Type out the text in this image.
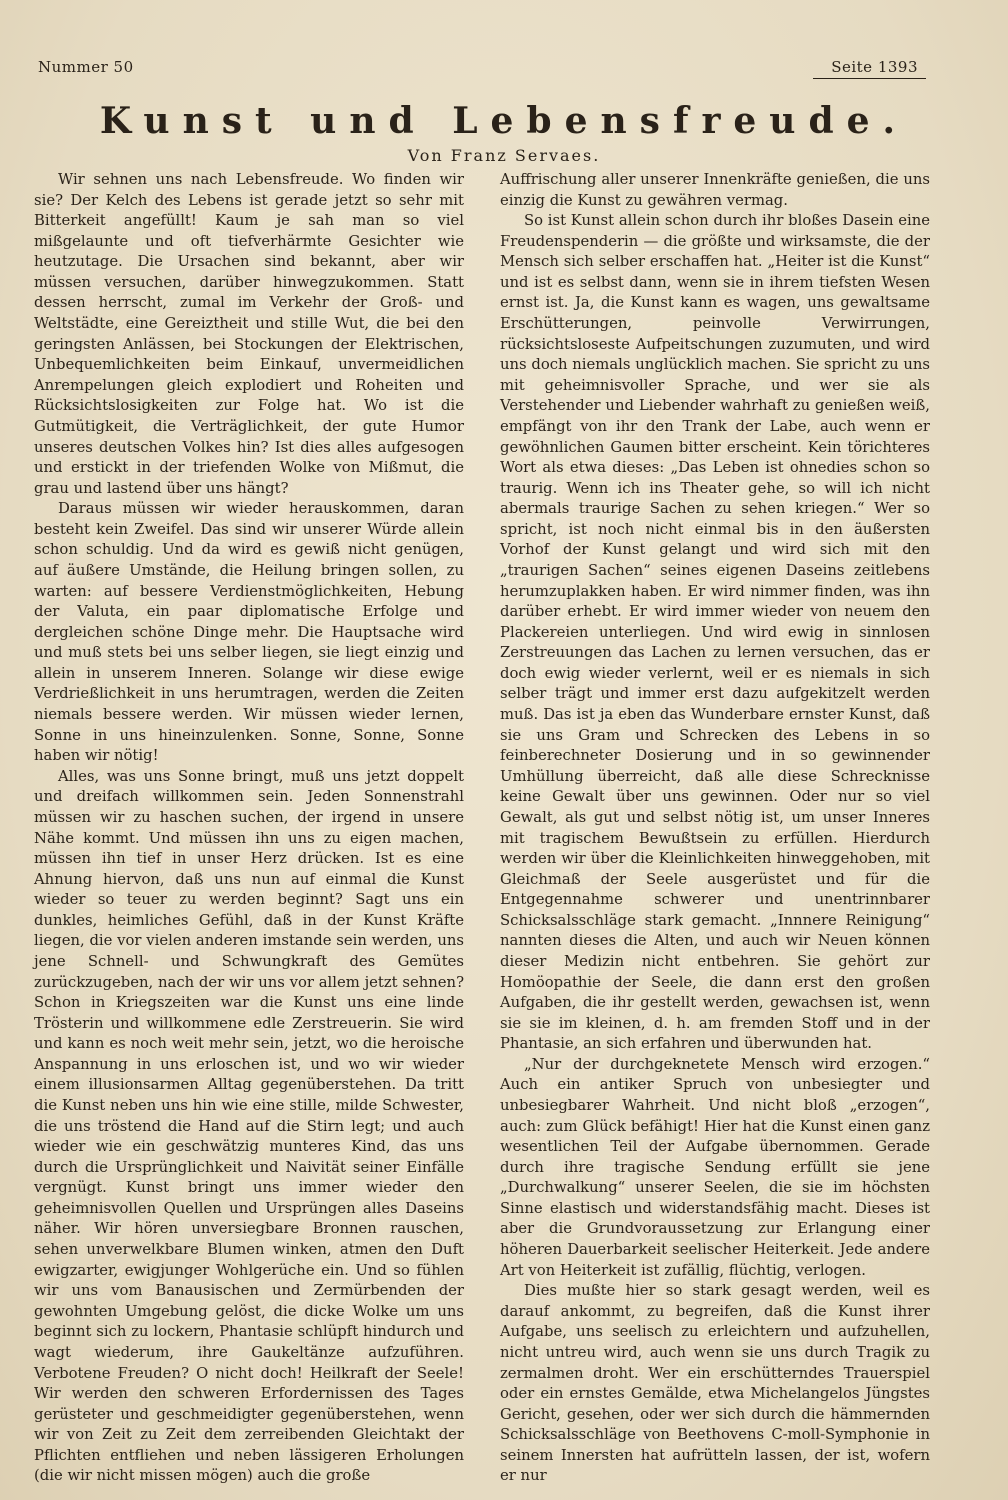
Nummer 50	Seite 1393
Kunst und Lebensfreude.
Von Franz Servaes.

Wir sehnen uns nach Lebensfreude. Wo finden wir sie? Der Kelch des Lebens ist gerade jetzt so sehr mit Bitterkeit angefüllt! Kaum je sah man so viel mißgelaunte und oft tiefverhärmte Gesichter wie heutzutage. Die Ursachen sind bekannt, aber wir müssen versuchen, darüber hinwegzukommen. Statt dessen herrscht, zumal im Verkehr der Groß- und Weltstädte, eine Gereiztheit und stille Wut, die bei den geringsten Anlässen, bei Stockungen der Elektrischen, Unbequemlichkeiten beim Einkauf, unvermeidlichen Anrempelungen gleich explodiert und Roheiten und Rücksichtslosigkeiten zur Folge hat. Wo ist die Gutmütigkeit, die Verträglichkeit, der gute Humor unseres deutschen Volkes hin? Ist dies alles aufgesogen und erstickt in der triefenden Wolke von Mißmut, die grau und lastend über uns hängt?

Daraus müssen wir wieder herauskommen, daran besteht kein Zweifel. Das sind wir unserer Würde allein schon schuldig. Und da wird es gewiß nicht genügen, auf äußere Umstände, die Heilung bringen sollen, zu warten: auf bessere Verdienstmöglichkeiten, Hebung der Valuta, ein paar diplomatische Erfolge und dergleichen schöne Dinge mehr. Die Hauptsache wird und muß stets bei uns selber liegen, sie liegt einzig und allein in unserem Inneren. Solange wir diese ewige Verdrießlichkeit in uns herumtragen, werden die Zeiten niemals bessere werden. Wir müssen wieder lernen, Sonne in uns hineinzulenken. Sonne, Sonne, Sonne haben wir nötig!

Alles, was uns Sonne bringt, muß uns jetzt doppelt und dreifach willkommen sein. Jeden Sonnenstrahl müssen wir zu haschen suchen, der irgend in unsere Nähe kommt. Und müssen ihn uns zu eigen machen, müssen ihn tief in unser Herz drücken. Ist es eine Ahnung hiervon, daß uns nun auf einmal die Kunst wieder so teuer zu werden beginnt? Sagt uns ein dunkles, heimliches Gefühl, daß in der Kunst Kräfte liegen, die vor vielen anderen imstande sein werden, uns jene Schnell- und Schwungkraft des Gemütes zurückzugeben, nach der wir uns vor allem jetzt sehnen? Schon in Kriegszeiten war die Kunst uns eine linde Trösterin und willkommene edle Zerstreuerin. Sie wird und kann es noch weit mehr sein, jetzt, wo die heroische Anspannung in uns erloschen ist, und wo wir wieder einem illusionsarmen Alltag gegenüberstehen. Da tritt die Kunst neben uns hin wie eine stille, milde Schwester, die uns tröstend die Hand auf die Stirn legt; und auch wieder wie ein geschwätzig munteres Kind, das uns durch die Ursprünglichkeit und Naivität seiner Einfälle vergnügt. Kunst bringt uns immer wieder den geheimnisvollen Quellen und Ursprüngen alles Daseins näher. Wir hören unversiegbare Bronnen rauschen, sehen unverwelkbare Blumen winken, atmen den Duft ewigzarter, ewigjunger Wohlgerüche ein. Und so fühlen wir uns vom Banausischen und Zermürbenden der gewohnten Umgebung gelöst, die dicke Wolke um uns beginnt sich zu lockern, Phantasie schlüpft hindurch und wagt wiederum, ihre Gaukeltänze aufzuführen. Verbotene Freuden? O nicht doch! Heilkraft der Seele! Wir werden den schweren Erfordernissen des Tages gerüsteter und geschmeidigter gegenüberstehen, wenn wir von Zeit zu Zeit dem zerreibenden Gleichtakt der Pflichten entfliehen und neben lässigeren Erholungen (die wir nicht missen mögen) auch die große

Auffrischung aller unserer Innenkräfte genießen, die uns einzig die Kunst zu gewähren vermag.

So ist Kunst allein schon durch ihr bloßes Dasein eine Freudenspenderin — die größte und wirksamste, die der Mensch sich selber erschaffen hat. „Heiter ist die Kunst“ und ist es selbst dann, wenn sie in ihrem tiefsten Wesen ernst ist. Ja, die Kunst kann es wagen, uns gewaltsame Erschütterungen, peinvolle Verwirrungen, rücksichtsloseste Aufpeitschungen zuzumuten, und wird uns doch niemals unglücklich machen. Sie spricht zu uns mit geheimnisvoller Sprache, und wer sie als Verstehender und Liebender wahrhaft zu genießen weiß, empfängt von ihr den Trank der Labe, auch wenn er gewöhnlichen Gaumen bitter erscheint. Kein törichteres Wort als etwa dieses: „Das Leben ist ohnedies schon so traurig. Wenn ich ins Theater gehe, so will ich nicht abermals traurige Sachen zu sehen kriegen.“ Wer so spricht, ist noch nicht einmal bis in den äußersten Vorhof der Kunst gelangt und wird sich mit den „traurigen Sachen“ seines eigenen Daseins zeitlebens herumzuplakken haben. Er wird nimmer finden, was ihn darüber erhebt. Er wird immer wieder von neuem den Plackereien unterliegen. Und wird ewig in sinnlosen Zerstreuungen das Lachen zu lernen versuchen, das er doch ewig wieder verlernt, weil er es niemals in sich selber trägt und immer erst dazu aufgekitzelt werden muß. Das ist ja eben das Wunderbare ernster Kunst, daß sie uns Gram und Schrecken des Lebens in so feinberechneter Dosierung und in so gewinnender Umhüllung überreicht, daß alle diese Schrecknisse keine Gewalt über uns gewinnen. Oder nur so viel Gewalt, als gut und selbst nötig ist, um unser Inneres mit tragischem Bewußtsein zu erfüllen. Hierdurch werden wir über die Kleinlichkeiten hinweggehoben, mit Gleichmaß der Seele ausgerüstet und für die Entgegennahme schwerer und unentrinnbarer Schicksalsschläge stark gemacht. „Innnere Reinigung“ nannten dieses die Alten, und auch wir Neuen können dieser Medizin nicht entbehren. Sie gehört zur Homöopathie der Seele, die dann erst den großen Aufgaben, die ihr gestellt werden, gewachsen ist, wenn sie sie im kleinen, d. h. am fremden Stoff und in der Phantasie, an sich erfahren und überwunden hat.

„Nur der durchgeknetete Mensch wird erzogen.“ Auch ein antiker Spruch von unbesiegter und unbesiegbarer Wahrheit. Und nicht bloß „erzogen“, auch: zum Glück befähigt! Hier hat die Kunst einen ganz wesentlichen Teil der Aufgabe übernommen. Gerade durch ihre tragische Sendung erfüllt sie jene „Durchwalkung“ unserer Seelen, die sie im höchsten Sinne elastisch und widerstandsfähig macht. Dieses ist aber die Grundvoraussetzung zur Erlangung einer höheren Dauerbarkeit seelischer Heiterkeit. Jede andere Art von Heiterkeit ist zufällig, flüchtig, verlogen.

Dies mußte hier so stark gesagt werden, weil es darauf ankommt, zu begreifen, daß die Kunst ihrer Aufgabe, uns seelisch zu erleichtern und aufzuhellen, nicht untreu wird, auch wenn sie uns durch Tragik zu zermalmen droht. Wer ein erschütterndes Trauerspiel oder ein ernstes Gemälde, etwa Michelangelos Jüngstes Gericht, gesehen, oder wer sich durch die hämmernden Schicksalsschläge von Beethovens C-moll-Symphonie in seinem Innersten hat aufrütteln lassen, der ist, wofern er nur
